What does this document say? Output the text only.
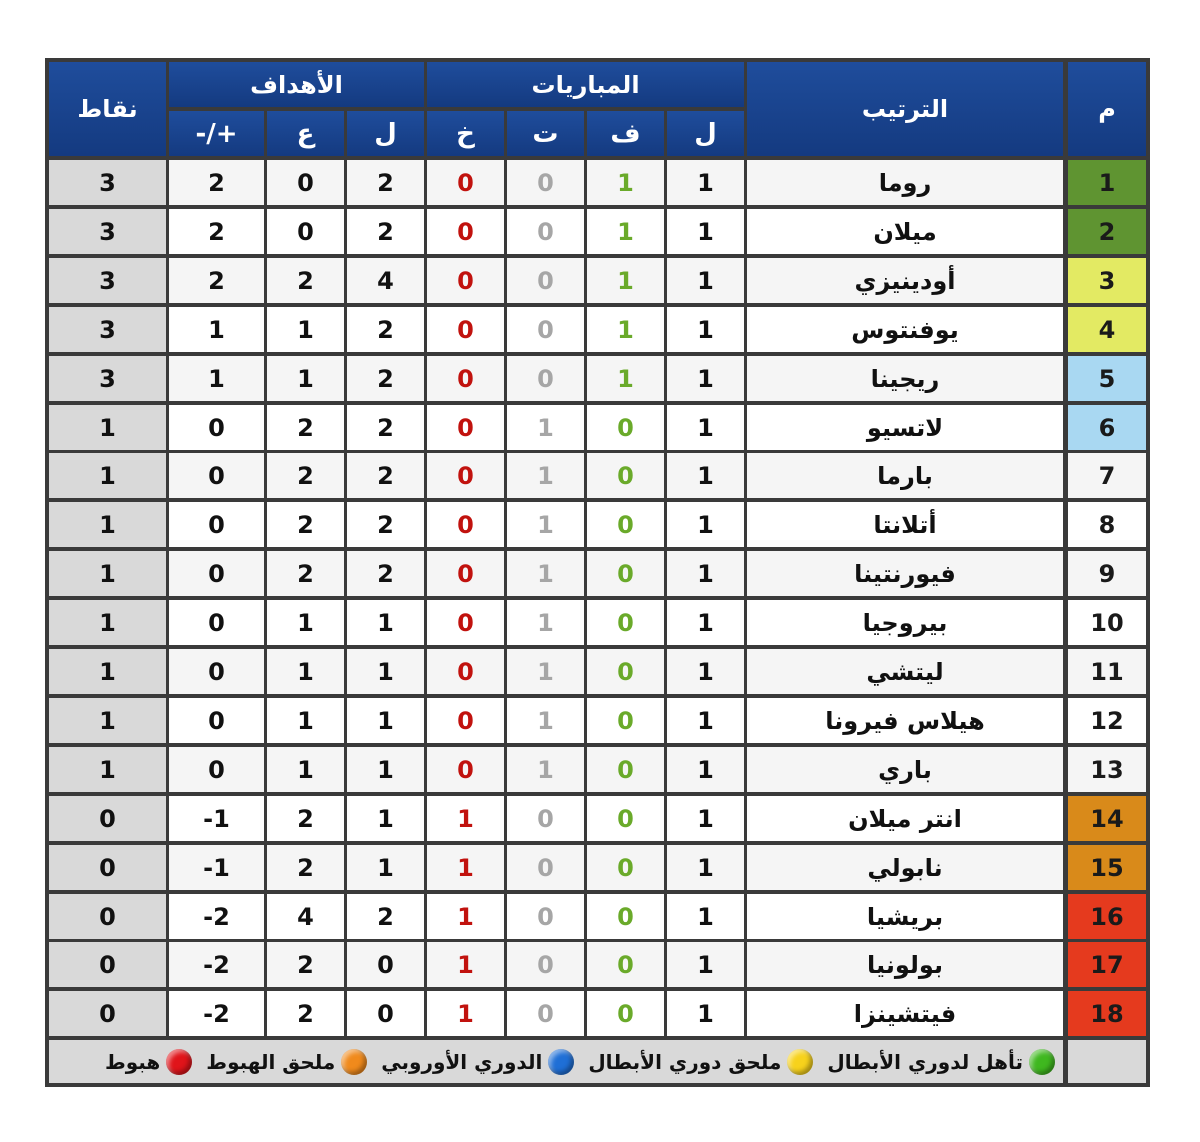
م
الترتيب
المباريات
الأهداف
نقاط
ل
ف
ت
خ
ل
ع
-/+
1
روما
1
1
0
0
2
0
2
3
2
ميلان
1
1
0
0
2
0
2
3
3
أودينيزي
1
1
0
0
4
2
2
3
4
يوفنتوس
1
1
0
0
2
1
1
3
5
ريجينا
1
1
0
0
2
1
1
3
6
لاتسيو
1
0
1
0
2
2
0
1
7
بارما
1
0
1
0
2
2
0
1
8
أتلانتا
1
0
1
0
2
2
0
1
9
فيورنتينا
1
0
1
0
2
2
0
1
10
بيروجيا
1
0
1
0
1
1
0
1
11
ليتشي
1
0
1
0
1
1
0
1
12
هيلاس فيرونا
1
0
1
0
1
1
0
1
13
باري
1
0
1
0
1
1
0
1
14
انتر ميلان
1
0
0
1
1
2
-1
0
15
نابولي
1
0
0
1
1
2
-1
0
16
بريشيا
1
0
0
1
2
4
-2
0
17
بولونيا
1
0
0
1
0
2
-2
0
18
فيتشينزا
1
0
0
1
0
2
-2
0
تأهل لدوري الأبطال
ملحق دوري الأبطال
الدوري الأوروبي
ملحق الهبوط
هبوط
